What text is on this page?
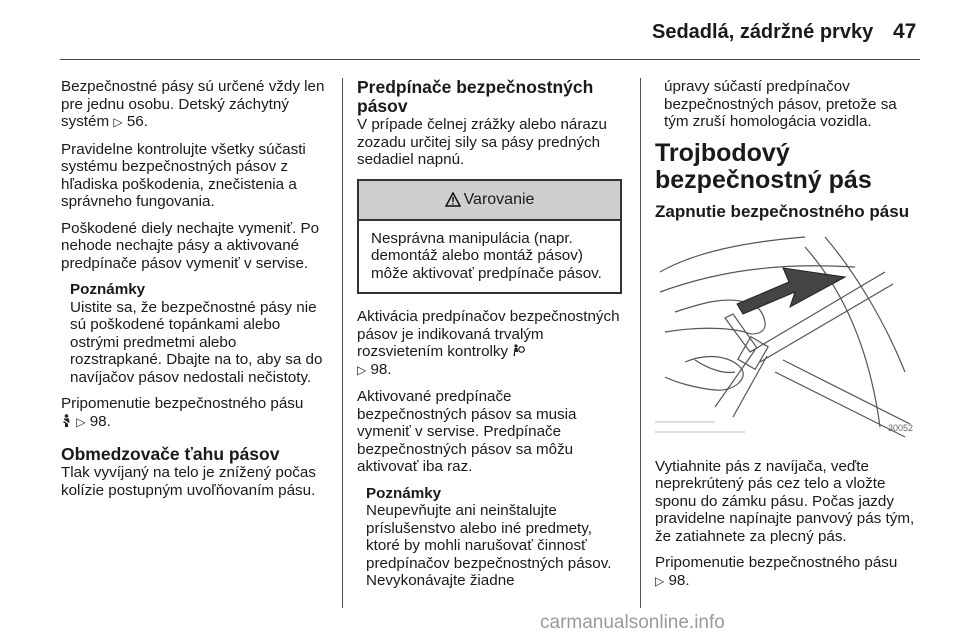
Sedadlá, zádržné prvky 47

Bezpečnostné pásy sú určené vždy len pre jednu osobu. Detský záchytný systém ▷ 56.

Pravidelne kontrolujte všetky súčasti systému bezpečnostných pásov z hľadiska poškodenia, znečistenia a správneho fungovania.

Poškodené diely nechajte vymeniť. Po nehode nechajte pásy a aktivované predpínače pásov vymeniť v servise.

Poznámky

Uistite sa, že bezpečnostné pásy nie sú poškodené topánkami alebo ostrými predmetmi alebo rozstrapkané. Dbajte na to, aby sa do navíjačov pásov nedostali nečistoty.

Pripomenutie bezpečnostného pásu
▷ 98.

Obmedzovače ťahu pásov

Tlak vyvíjaný na telo je znížený počas kolízie postupným uvoľňovaním pásu.

Predpínače bezpečnostných pásov

V prípade čelnej zrážky alebo nárazu zozadu určitej sily sa pásy predných sedadiel napnú.

Varovanie
Nesprávna manipulácia (napr. demontáž alebo montáž pásov) môže aktivovať predpínače pásov.

Aktivácia predpínačov bezpečnostných pásov je indikovaná trvalým rozsvietením kontrolky
▷ 98.

Aktivované predpínače bezpečnostných pásov sa musia vymeniť v servise. Predpínače bezpečnostných pásov sa môžu aktivovať iba raz.

Poznámky

Neupevňujte ani neinštalujte príslušenstvo alebo iné predmety, ktoré by mohli narušovať činnosť predpínačov bezpečnostných pásov. Nevykonávajte žiadne

úpravy súčastí predpínačov bezpečnostných pásov, pretože sa tým zruší homologácia vozidla.

Trojbodový bezpečnostný pás
Zapnutie bezpečnostného pásu
30052

Vytiahnite pás z navíjača, veďte neprekrútený pás cez telo a vložte sponu do zámku pásu. Počas jazdy pravidelne napínajte panvový pás tým, že zatiahnete za plecný pás.

Pripomenutie bezpečnostného pásu
▷ 98.

carmanualsonline.info
